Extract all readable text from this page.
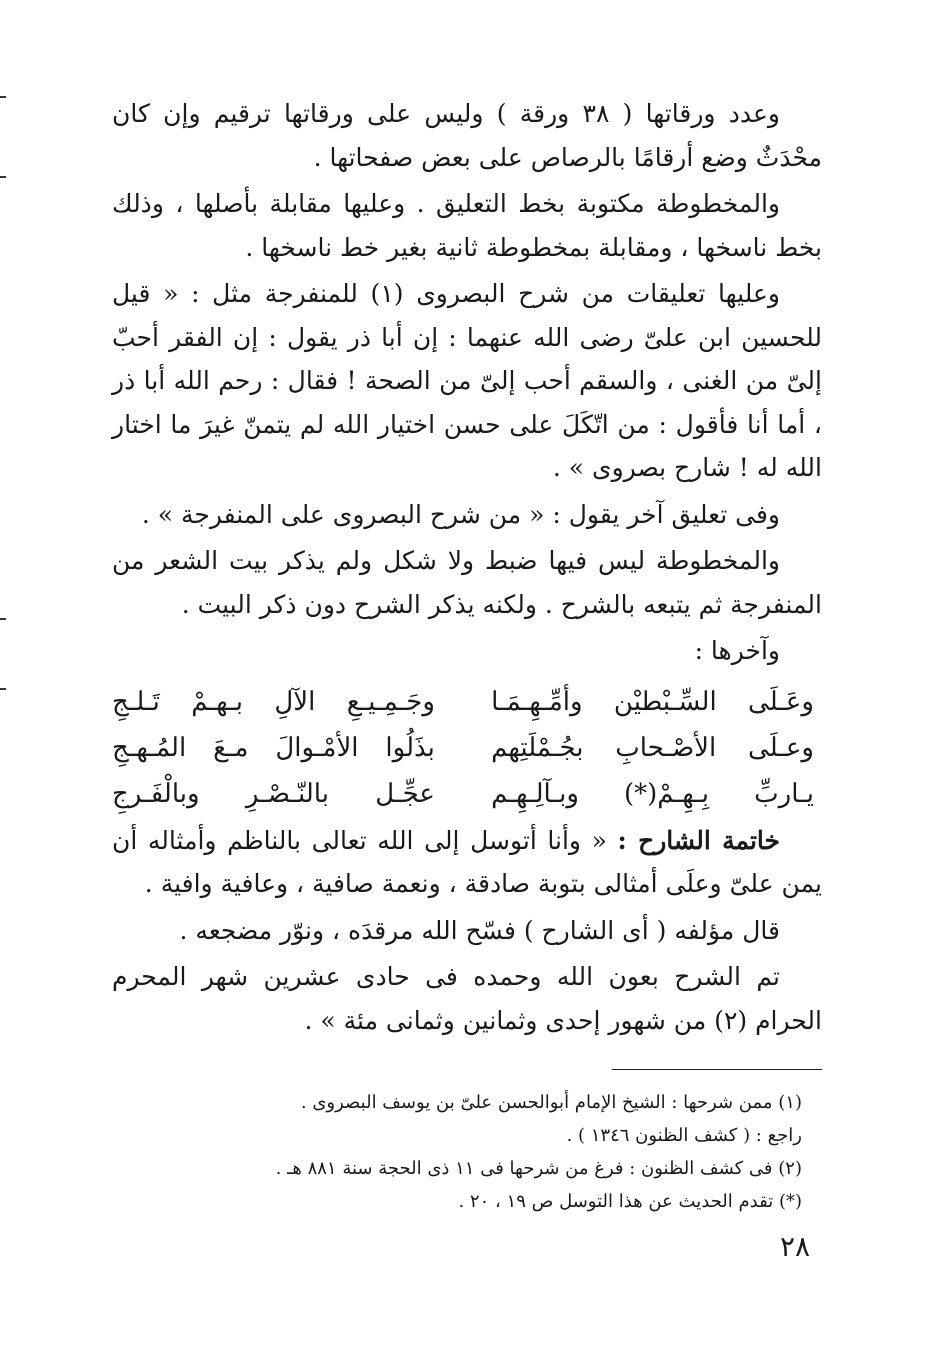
وعدد ورقاتها ( ٣٨ ورقة ) وليس على ورقاتها ترقيم وإن كان محْدَثٌ وضع أرقامًا بالرصاص على بعض صفحاتها .

والمخطوطة مكتوبة بخط التعليق . وعليها مقابلة بأصلها ، وذلك بخط ناسخها ، ومقابلة بمخطوطة ثانية بغير خط ناسخها .

وعليها تعليقات من شرح البصروى (١) للمنفرجة مثل : « قيل للحسين ابن علىّ رضى الله عنهما : إن أبا ذر يقول : إن الفقر أحبّ إلىّ من الغنى ، والسقم أحب إلىّ من الصحة ! فقال : رحم الله أبا ذر ، أما أنا فأقول : من اتّكَلَ على حسن اختيار الله لم يتمنّ غيرَ ما اختار الله له ! شارح بصروى » .

وفى تعليق آخر يقول : « من شرح البصروى على المنفرجة » .

والمخطوطة ليس فيها ضبط ولا شكل ولم يذكر بيت الشعر من المنفرجة ثم يتبعه بالشرح . ولكنه يذكر الشرح دون ذكر البيت .

وآخرها :

وعَـلَى السِّـبْطيْن وأمِّـهِـمَـا
وجَـمِـيـعِ الآلِ بـهـمْ تَـلـجِ
وعـلَى الأصْـحابِ بجُـمْلَتِهم
بذَلُوا الأمْـوالَ مـعَ المُـهـجِ
يـاربِّ بِـهِـمْ(*) وبـآلِـهِـم
عجِّـل بالنّـصْـرِ وبالْفَـرجِ

خاتمة الشارح : « وأنا أتوسل إلى الله تعالى بالناظم وأمثاله أن يمن علىّ وعلَى أمثالى بتوبة صادقة ، ونعمة صافية ، وعافية وافية .

قال مؤلفه ( أى الشارح ) فسّح الله مرقدَه ، ونوّر مضجعه .

تم الشرح بعون الله وحمده فى حادى عشرين شهر المحرم الحرام (٢) من شهور إحدى وثمانين وثمانى مئة » .

(١) ممن شرحها : الشيخ الإمام أبوالحسن علىّ بن يوسف البصروى .

راجع : ( كشف الظنون ١٣٤٦ ) .

(٢) فى كشف الظنون : فرغ من شرحها فى ١١ ذى الحجة سنة ٨٨١ هـ .

(*) تقدم الحديث عن هذا التوسل ص ١٩ ، ٢٠ .

٢٨
